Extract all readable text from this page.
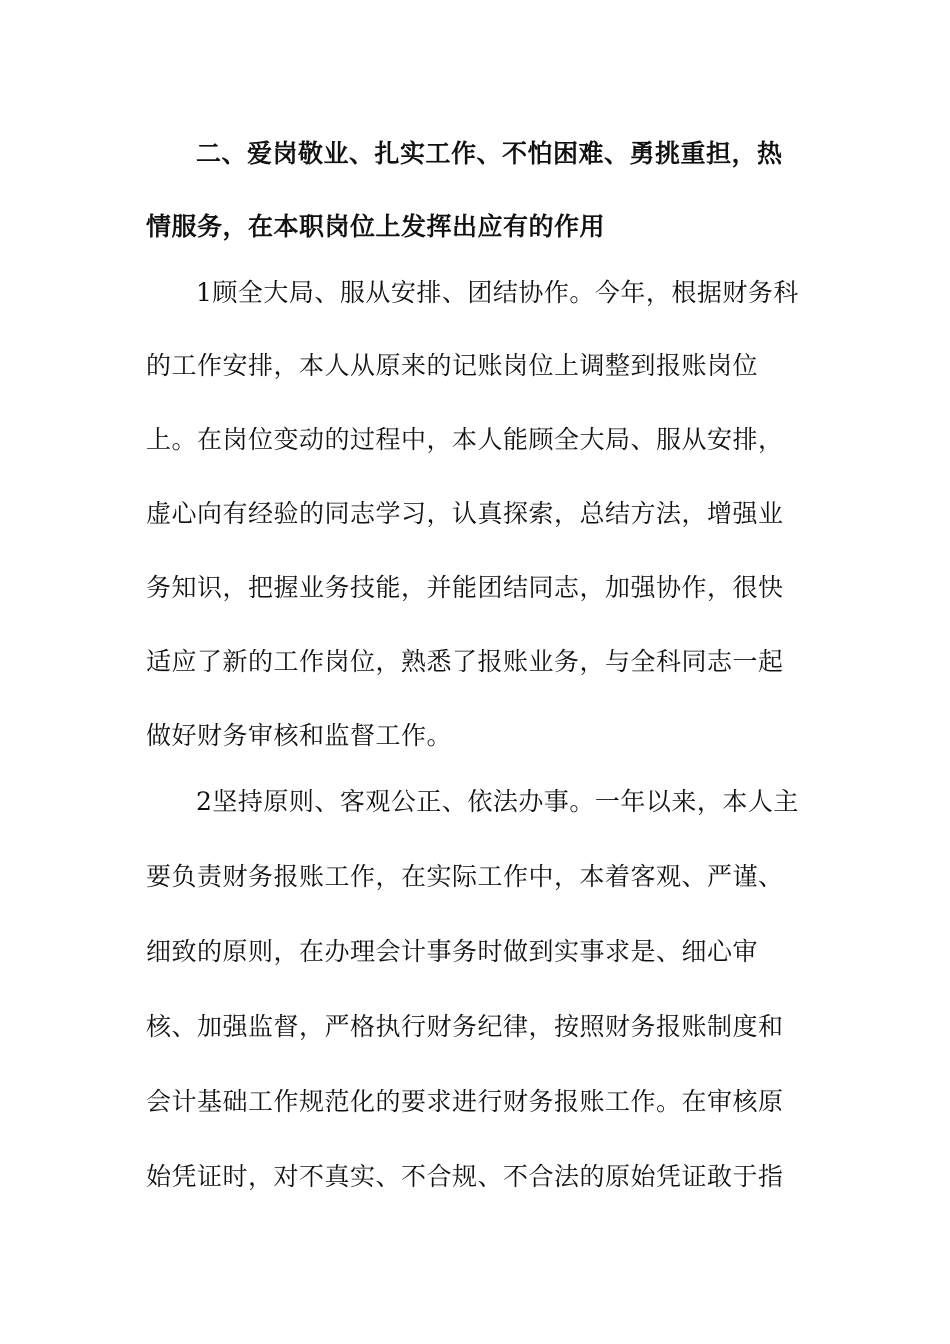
二、爱岗敬业、扎实工作、不怕困难、勇挑重担，热
情服务，在本职岗位上发挥出应有的作用
1顾全大局、服从安排、团结协作。今年，根据财务科
的工作安排，本人从原来的记账岗位上调整到报账岗位
上。在岗位变动的过程中，本人能顾全大局、服从安排，
虚心向有经验的同志学习，认真探索，总结方法，增强业
务知识，把握业务技能，并能团结同志，加强协作，很快
适应了新的工作岗位，熟悉了报账业务，与全科同志一起
做好财务审核和监督工作。
2坚持原则、客观公正、依法办事。一年以来，本人主
要负责财务报账工作，在实际工作中，本着客观、严谨、
细致的原则，在办理会计事务时做到实事求是、细心审
核、加强监督，严格执行财务纪律，按照财务报账制度和
会计基础工作规范化的要求进行财务报账工作。在审核原
始凭证时，对不真实、不合规、不合法的原始凭证敢于指
